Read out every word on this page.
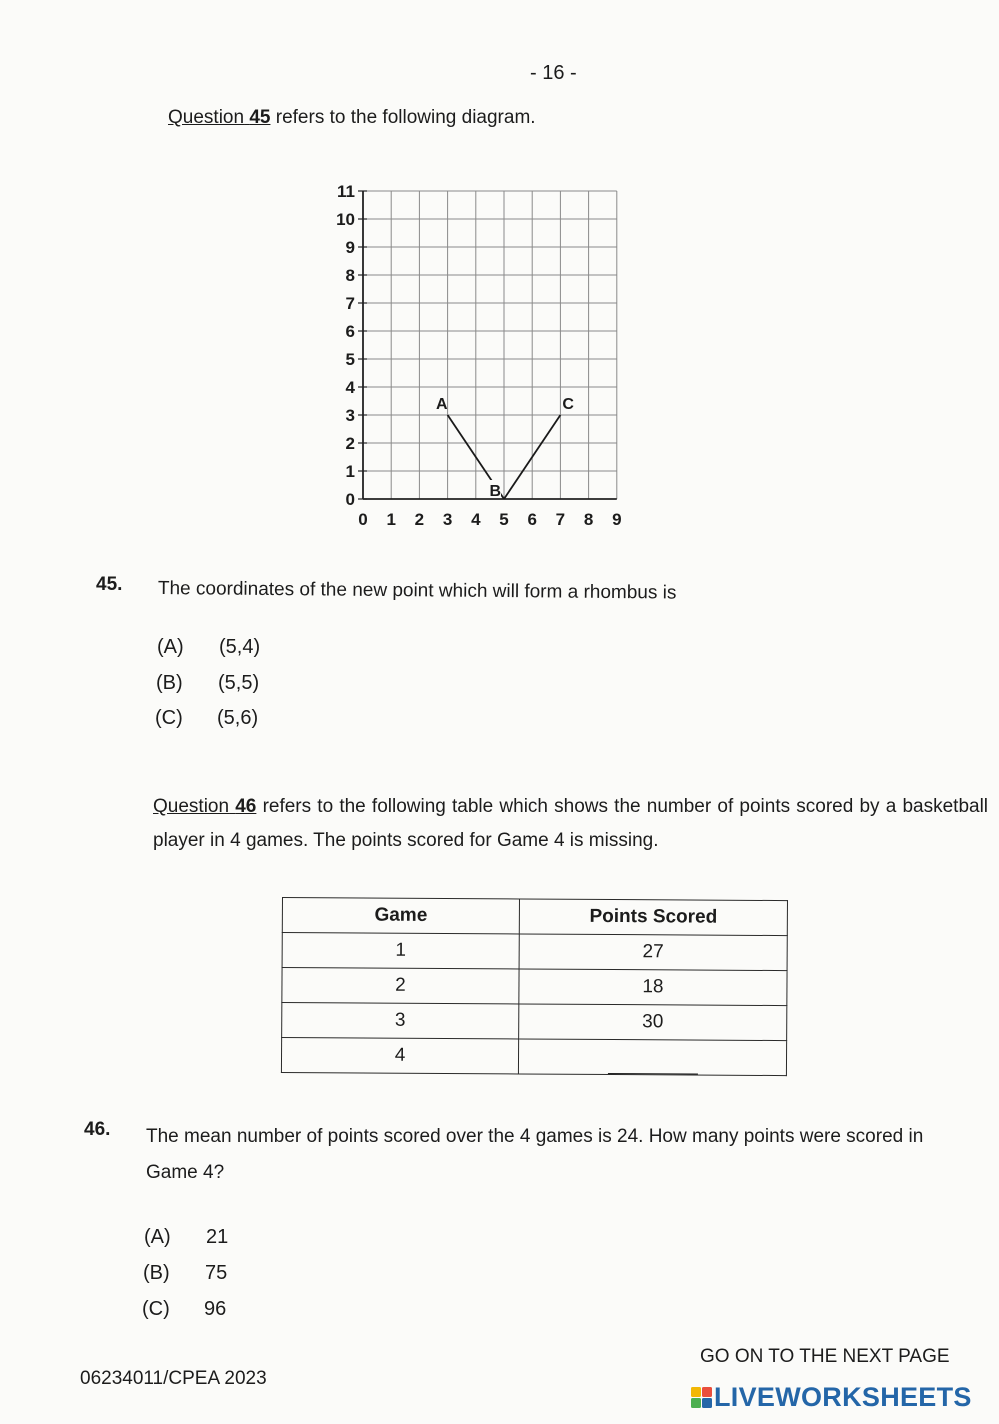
- 16 -
Question 45 refers to the following diagram.
0
1
2
3
4
5
6
7
8
9
10
11
0 1 2 3 4 5 6 7 8 9
A
B
C
45. The coordinates of the new point which will form a rhombus is
(A) (5,4)
(B) (5,5)
(C) (5,6)
Question 46 refers to the following table which shows the number of points scored by a basketball player in 4 games. The points scored for Game 4 is missing.
Game	Points Scored
1	27
2	18
3	30
4	
46. The mean number of points scored over the 4 games is 24. How many points were scored in Game 4?
(A) 21
(B) 75
(C) 96
GO ON TO THE NEXT PAGE
06234011/CPEA 2023
LIVEWORKSHEETS
